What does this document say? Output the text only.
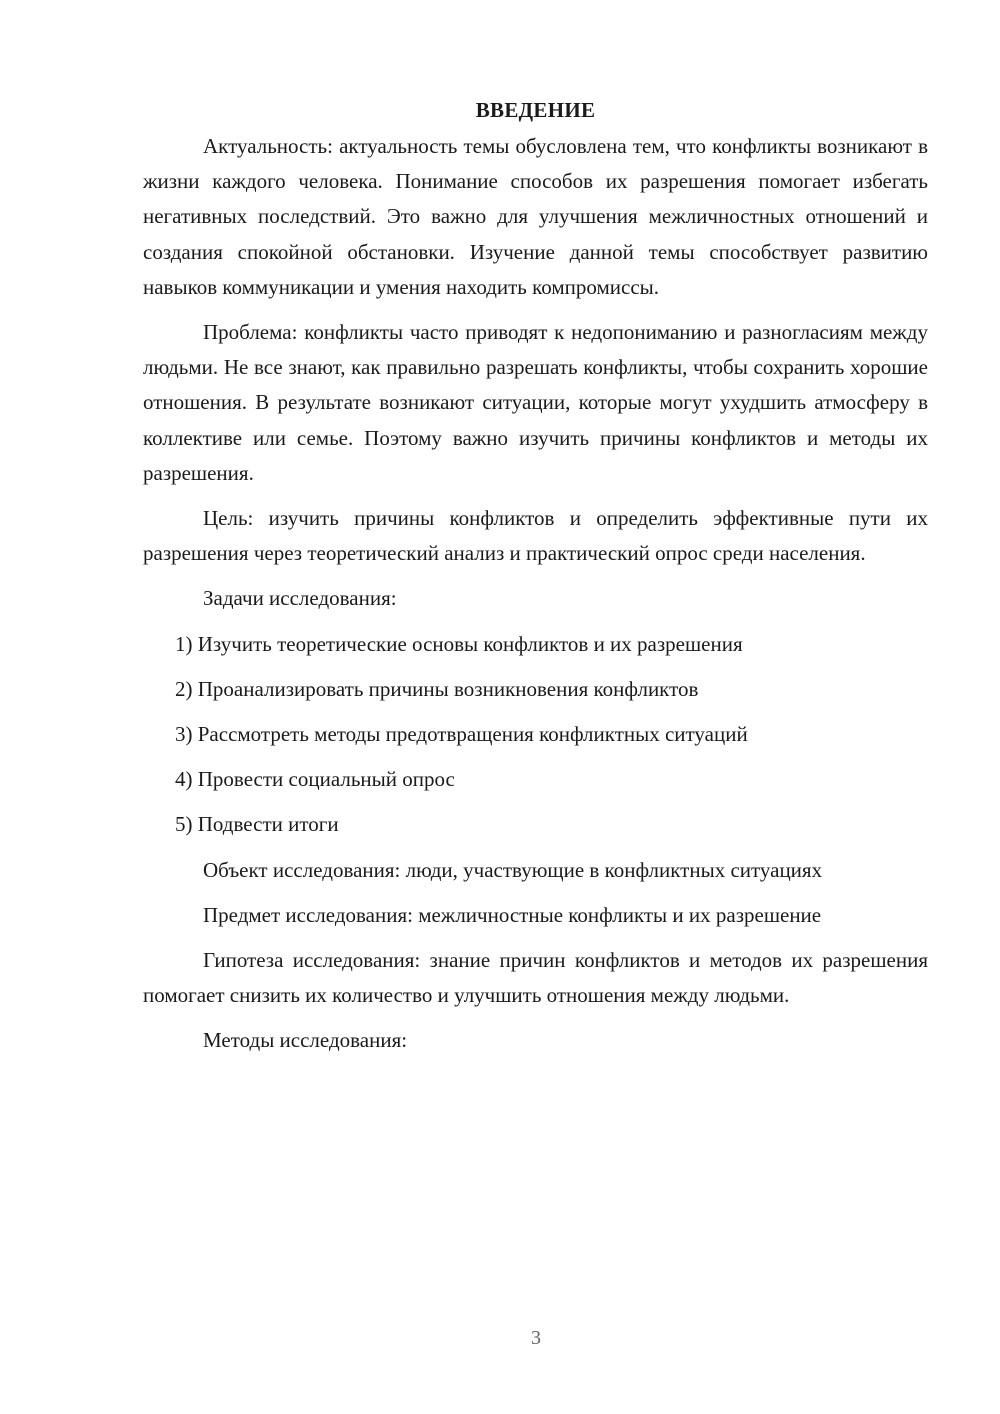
ВВЕДЕНИЕ

Актуальность: актуальность темы обусловлена тем, что конфликты возникают в жизни каждого человека. Понимание способов их разрешения помогает избегать негативных последствий. Это важно для улучшения межличностных отношений и создания спокойной обстановки. Изучение данной темы способствует развитию навыков коммуникации и умения находить компромиссы.

Проблема: конфликты часто приводят к недопониманию и разногласиям между людьми. Не все знают, как правильно разрешать конфликты, чтобы сохранить хорошие отношения. В результате возникают ситуации, которые могут ухудшить атмосферу в коллективе или семье. Поэтому важно изучить причины конфликтов и методы их разрешения.

Цель: изучить причины конфликтов и определить эффективные пути их разрешения через теоретический анализ и практический опрос среди населения.

Задачи исследования:
1) Изучить теоретические основы конфликтов и их разрешения
2) Проанализировать причины возникновения конфликтов
3) Рассмотреть методы предотвращения конфликтных ситуаций
4) Провести социальный опрос
5) Подвести итоги

Объект исследования: люди, участвующие в конфликтных ситуациях

Предмет исследования: межличностные конфликты и их разрешение

Гипотеза исследования: знание причин конфликтов и методов их разрешения помогает снизить их количество и улучшить отношения между людьми.

Методы исследования:
3
